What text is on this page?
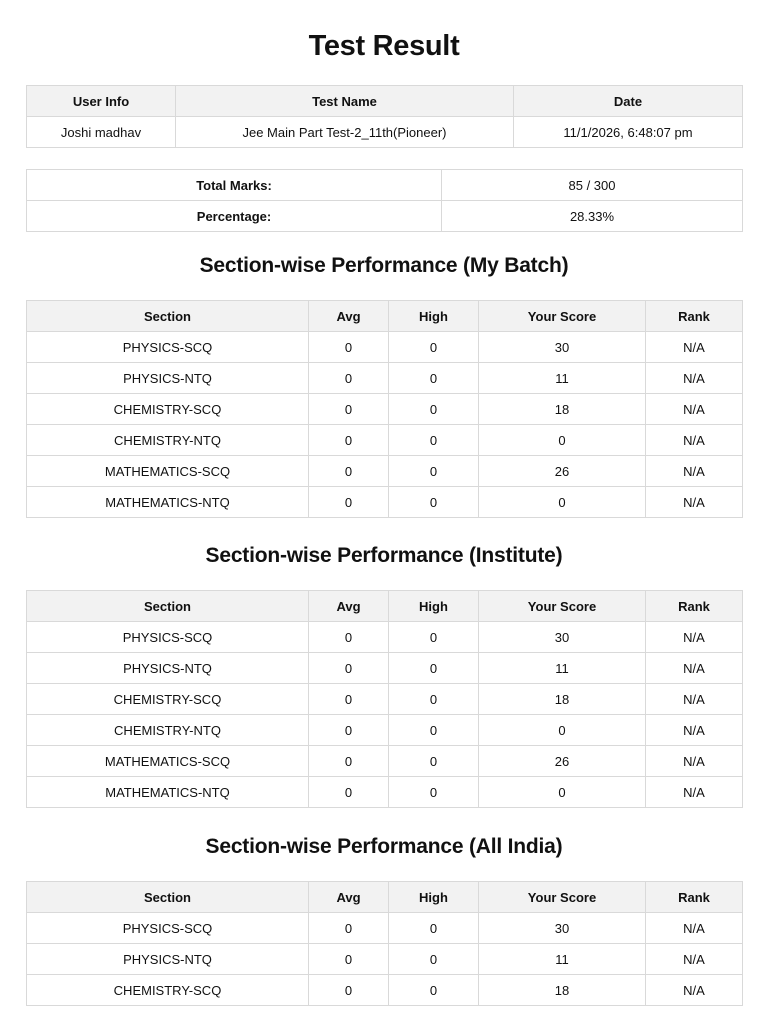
Test Result
User Info	Test Name	Date
Joshi madhav	Jee Main Part Test-2_11th(Pioneer)	11/1/2026, 6:48:07 pm
Total Marks:	85 / 300
Percentage:	28.33%
Section-wise Performance (My Batch)
Section	Avg	High	Your Score	Rank
PHYSICS-SCQ	0	0	30	N/A
PHYSICS-NTQ	0	0	11	N/A
CHEMISTRY-SCQ	0	0	18	N/A
CHEMISTRY-NTQ	0	0	0	N/A
MATHEMATICS-SCQ	0	0	26	N/A
MATHEMATICS-NTQ	0	0	0	N/A
Section-wise Performance (Institute)
Section	Avg	High	Your Score	Rank
PHYSICS-SCQ	0	0	30	N/A
PHYSICS-NTQ	0	0	11	N/A
CHEMISTRY-SCQ	0	0	18	N/A
CHEMISTRY-NTQ	0	0	0	N/A
MATHEMATICS-SCQ	0	0	26	N/A
MATHEMATICS-NTQ	0	0	0	N/A
Section-wise Performance (All India)
Section	Avg	High	Your Score	Rank
PHYSICS-SCQ	0	0	30	N/A
PHYSICS-NTQ	0	0	11	N/A
CHEMISTRY-SCQ	0	0	18	N/A
